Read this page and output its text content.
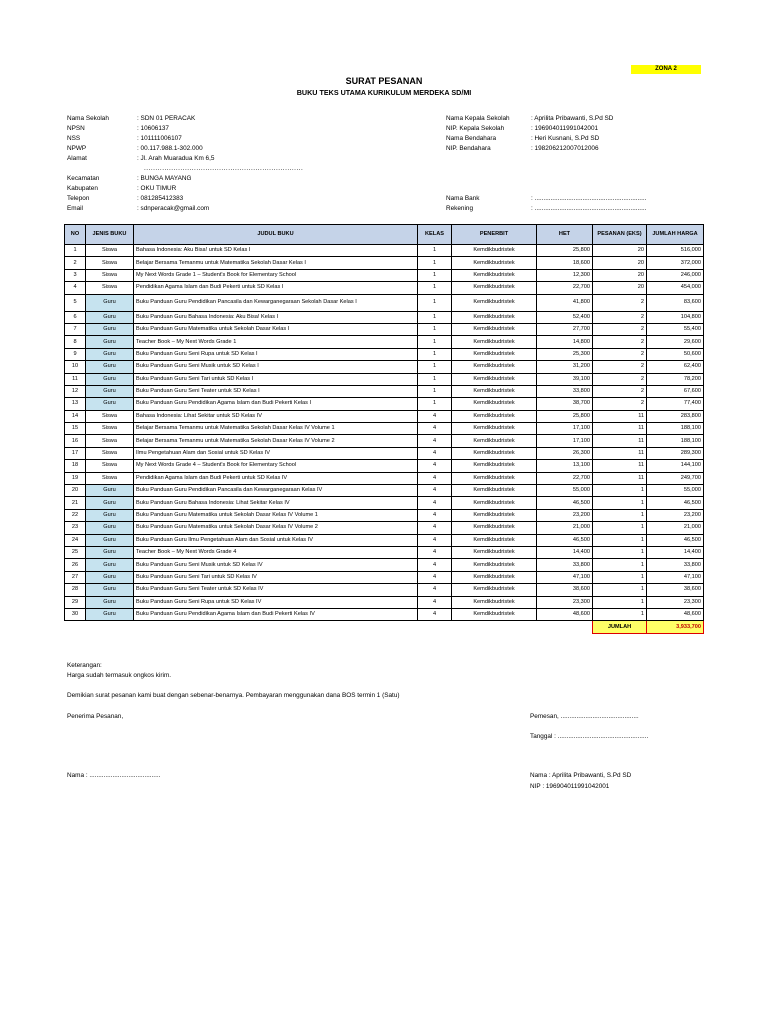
ZONA 2
SURAT PESANAN
BUKU TEKS UTAMA KURIKULUM MERDEKA SD/MI
Nama Sekolah	: SDN 01 PERACAK
NPSN	: 10606137
NSS	: 101111006107
NPWP	: 00.117.988.1-302.000
Alamat	: Jl. Arah Muaradua Km 6,5
......................................................................
Kecamatan	: BUNGA MAYANG
Kabupaten	: OKU TIMUR
Telepon	: 081285412383
Email	: sdnperacak@gmail.com
Nama Kepala Sekolah	: Aprilita Pribawanti, S.Pd SD
NIP. Kepala Sekolah	: 196904011991042001
Nama Bendahara	: Heri Kusnani, S.Pd SD
NIP. Bendahara	: 198206212007012006
Nama Bank	: ...............................................................
Rekening	: ...............................................................
NO	JENIS BUKU	JUDUL BUKU	KELAS	PENERBIT	HET	PESANAN (EKS)	JUMLAH HARGA
1	Siswa	Bahasa Indonesia: Aku Bisa! untuk SD Kelas I	1	Kemdikbudristek	25,800	20	516,000
2	Siswa	Belajar Bersama Temanmu untuk Matematika Sekolah Dasar Kelas I	1	Kemdikbudristek	18,600	20	372,000
3	Siswa	My Next Words Grade 1 – Student's Book for Elementary School	1	Kemdikbudristek	12,300	20	246,000
4	Siswa	Pendidikan Agama Islam dan Budi Pekerti untuk SD Kelas I	1	Kemdikbudristek	22,700	20	454,000
5	Guru	Buku Panduan Guru Pendidikan Pancasila dan Kewarganegaraan Sekolah Dasar Kelas I	1	Kemdikbudristek	41,800	2	83,600
6	Guru	Buku Panduan Guru Bahasa Indonesia: Aku Bisa! Kelas I	1	Kemdikbudristek	52,400	2	104,800
7	Guru	Buku Panduan Guru Matematika untuk Sekolah Dasar Kelas I	1	Kemdikbudristek	27,700	2	55,400
8	Guru	Teacher Book – My Next Words Grade 1	1	Kemdikbudristek	14,800	2	29,600
9	Guru	Buku Panduan Guru Seni Rupa untuk SD Kelas I	1	Kemdikbudristek	25,300	2	50,600
10	Guru	Buku Panduan Guru Seni Musik untuk SD Kelas I	1	Kemdikbudristek	31,200	2	62,400
11	Guru	Buku Panduan Guru Seni Tari untuk SD Kelas I	1	Kemdikbudristek	39,100	2	78,200
12	Guru	Buku Panduan Guru Seni Teater untuk SD Kelas I	1	Kemdikbudristek	33,800	2	67,600
13	Guru	Buku Panduan Guru Pendidikan Agama Islam dan Budi Pekerti Kelas I	1	Kemdikbudristek	38,700	2	77,400
14	Siswa	Bahasa Indonesia: Lihat Sekitar untuk SD Kelas IV	4	Kemdikbudristek	25,800	11	283,800
15	Siswa	Belajar Bersama Temanmu untuk Matematika Sekolah Dasar Kelas IV Volume 1	4	Kemdikbudristek	17,100	11	188,100
16	Siswa	Belajar Bersama Temanmu untuk Matematika Sekolah Dasar Kelas IV Volume 2	4	Kemdikbudristek	17,100	11	188,100
17	Siswa	Ilmu Pengetahuan Alam dan Sosial untuk SD Kelas IV	4	Kemdikbudristek	26,300	11	289,300
18	Siswa	My Next Words Grade 4 – Student's Book for Elementary School	4	Kemdikbudristek	13,100	11	144,100
19	Siswa	Pendidikan Agama Islam dan Budi Pekerti untuk SD Kelas IV	4	Kemdikbudristek	22,700	11	249,700
20	Guru	Buku Panduan Guru Pendidikan Pancasila dan Kewarganegaraan Kelas IV	4	Kemdikbudristek	55,000	1	55,000
21	Guru	Buku Panduan Guru Bahasa Indonesia: Lihat Sekitar Kelas IV	4	Kemdikbudristek	46,500	1	46,500
22	Guru	Buku Panduan Guru Matematika untuk Sekolah Dasar Kelas IV Volume 1	4	Kemdikbudristek	23,200	1	23,200
23	Guru	Buku Panduan Guru Matematika untuk Sekolah Dasar Kelas IV Volume 2	4	Kemdikbudristek	21,000	1	21,000
24	Guru	Buku Panduan Guru Ilmu Pengetahuan Alam dan Sosial untuk Kelas IV	4	Kemdikbudristek	46,500	1	46,500
25	Guru	Teacher Book – My Next Words Grade 4	4	Kemdikbudristek	14,400	1	14,400
26	Guru	Buku Panduan Guru Seni Musik untuk SD Kelas IV	4	Kemdikbudristek	33,800	1	33,800
27	Guru	Buku Panduan Guru Seni Tari untuk SD Kelas IV	4	Kemdikbudristek	47,100	1	47,100
28	Guru	Buku Panduan Guru Seni Teater untuk SD Kelas IV	4	Kemdikbudristek	38,600	1	38,600
29	Guru	Buku Panduan Guru Seni Rupa untuk SD Kelas IV	4	Kemdikbudristek	23,300	1	23,300
30	Guru	Buku Panduan Guru Pendidikan Agama Islam dan Budi Pekerti Kelas IV	4	Kemdikbudristek	48,600	1	48,600
						JUMLAH	3,933,700
Keterangan:
Harga sudah termasuk ongkos kirim.
Demikian surat pesanan kami buat dengan sebenar-benarnya. Pembayaran menggunakan dana BOS termin 1 (Satu)
Penerima Pesanan,	Pemesan, ............................................
Tanggal : ...................................................
Nama : ........................................	Nama : Aprilita Pribawanti, S.Pd SD
NIP : 196904011991042001
